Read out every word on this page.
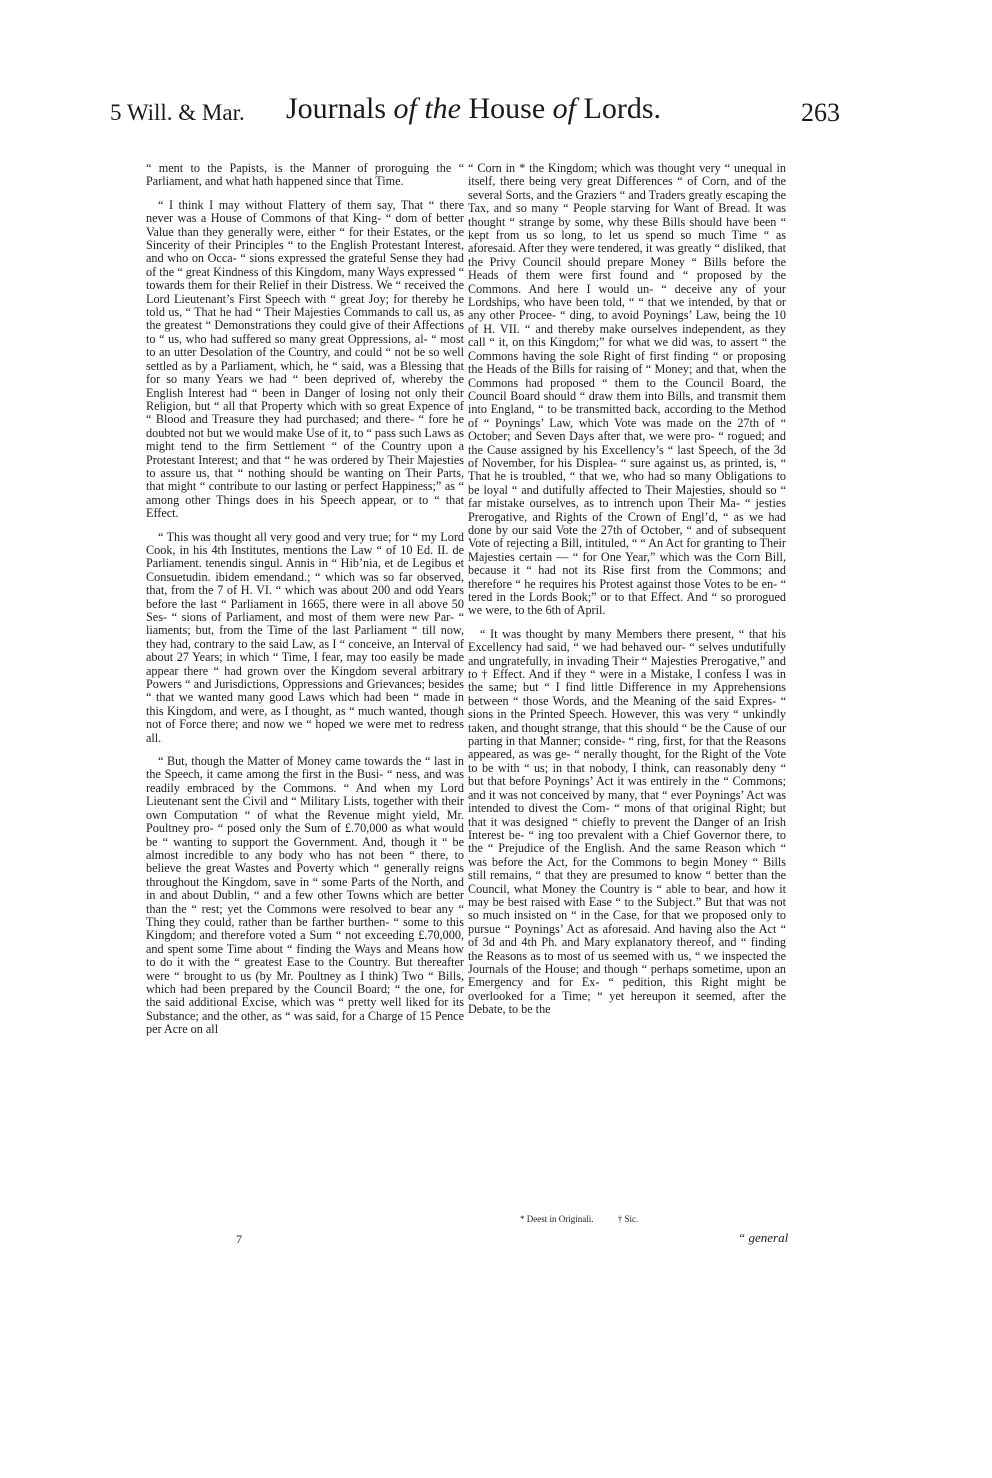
5 Will. & Mar. Journals of the House of Lords.	263

“ ment to the Papists, is the Manner of proroguing the “ Parliament, and what hath happened since that Time.

“ I think I may without Flattery of them say, That “ there never was a House of Commons of that King- “ dom of better Value than they generally were, either “ for their Estates, or the Sincerity of their Principles “ to the English Protestant Interest, and who on Occa- “ sions expressed the grateful Sense they had of the “ great Kindness of this Kingdom, many Ways expressed “ towards them for their Relief in their Distress. We “ received the Lord Lieutenant’s First Speech with “ great Joy; for thereby he told us, “ That he had “ Their Majesties Commands to call us, as the greatest “ Demonstrations they could give of their Affections to “ us, who had suffered so many great Oppressions, al- “ most to an utter Desolation of the Country, and could “ not be so well settled as by a Parliament, which, he “ said, was a Blessing that for so many Years we had “ been deprived of, whereby the English Interest had “ been in Danger of losing not only their Religion, but “ all that Property which with so great Expence of “ Blood and Treasure they had purchased; and there- “ fore he doubted not but we would make Use of it, to “ pass such Laws as might tend to the firm Settlement “ of the Country upon a Protestant Interest; and that “ he was ordered by Their Majesties to assure us, that “ nothing should be wanting on Their Parts, that might “ contribute to our lasting or perfect Happiness;” as “ among other Things does in his Speech appear, or to “ that Effect.

“ This was thought all very good and very true; for “ my Lord Cook, in his 4th Institutes, mentions the Law “ of 10 Ed. II. de Parliament. tenendis singul. Annis in “ Hib’nia, et de Legibus et Consuetudin. ibidem emendand.; “ which was so far observed, that, from the 7 of H. VI. “ which was about 200 and odd Years before the last “ Parliament in 1665, there were in all above 50 Ses- “ sions of Parliament, and most of them were new Par- “ liaments; but, from the Time of the last Parliament “ till now, they had, contrary to the said Law, as I “ conceive, an Interval of about 27 Years; in which “ Time, I fear, may too easily be made appear there “ had grown over the Kingdom several arbitrary Powers “ and Jurisdictions, Oppressions and Grievances; besides “ that we wanted many good Laws which had been “ made in this Kingdom, and were, as I thought, as “ much wanted, though not of Force there; and now we “ hoped we were met to redress all.

“ But, though the Matter of Money came towards the “ last in the Speech, it came among the first in the Busi- “ ness, and was readily embraced by the Commons. “ And when my Lord Lieutenant sent the Civil and “ Military Lists, together with their own Computation “ of what the Revenue might yield, Mr. Poultney pro- “ posed only the Sum of £.70,000 as what would be “ wanting to support the Government. And, though it “ be almost incredible to any body who has not been “ there, to believe the great Wastes and Poverty which “ generally reigns throughout the Kingdom, save in “ some Parts of the North, and in and about Dublin, “ and a few other Towns which are better than the “ rest; yet the Commons were resolved to bear any “ Thing they could, rather than be farther burthen- “ some to this Kingdom; and therefore voted a Sum “ not exceeding £.70,000, and spent some Time about “ finding the Ways and Means how to do it with the “ greatest Ease to the Country. But thereafter were “ brought to us (by Mr. Poultney as I think) Two “ Bills, which had been prepared by the Council Board; “ the one, for the said additional Excise, which was “ pretty well liked for its Substance; and the other, as “ was said, for a Charge of 15 Pence per Acre on all

“ Corn in * the Kingdom; which was thought very “ unequal in itself, there being very great Differences “ of Corn, and of the several Sorts, and the Graziers “ and Traders greatly escaping the Tax, and so many “ People starving for Want of Bread. It was thought “ strange by some, why these Bills should have been “ kept from us so long, to let us spend so much Time “ as aforesaid. After they were tendered, it was greatly “ disliked, that the Privy Council should prepare Money “ Bills before the Heads of them were first found and “ proposed by the Commons. And here I would un- “ deceive any of your Lordships, who have been told, “ “ that we intended, by that or any other Procee- “ ding, to avoid Poynings’ Law, being the 10 of H. VII. “ and thereby make ourselves independent, as they call “ it, on this Kingdom;” for what we did was, to assert “ the Commons having the sole Right of first finding “ or proposing the Heads of the Bills for raising of “ Money; and that, when the Commons had proposed “ them to the Council Board, the Council Board should “ draw them into Bills, and transmit them into England, “ to be transmitted back, according to the Method of “ Poynings’ Law, which Vote was made on the 27th of “ October; and Seven Days after that, we were pro- “ rogued; and the Cause assigned by his Excellency’s “ last Speech, of the 3d of November, for his Displea- “ sure against us, as printed, is, “ That he is troubled, “ that we, who had so many Obligations to be loyal “ and dutifully affected to Their Majesties, should so “ far mistake ourselves, as to intrench upon Their Ma- “ jesties Prerogative, and Rights of the Crown of Engl’d, “ as we had done by our said Vote the 27th of October, “ and of subsequent Vote of rejecting a Bill, intituled, “ “ An Act for granting to Their Majesties certain — “ for One Year,” which was the Corn Bill, because it “ had not its Rise first from the Commons; and therefore “ he requires his Protest against those Votes to be en- “ tered in the Lords Book;” or to that Effect. And “ so prorogued we were, to the 6th of April.

“ It was thought by many Members there present, “ that his Excellency had said, “ we had behaved our- “ selves undutifully and ungratefully, in invading Their “ Majesties Prerogative,” and to † Effect. And if they “ were in a Mistake, I confess I was in the same; but “ I find little Difference in my Apprehensions between “ those Words, and the Meaning of the said Expres- “ sions in the Printed Speech. However, this was very “ unkindly taken, and thought strange, that this should “ be the Cause of our parting in that Manner; conside- “ ring, first, for that the Reasons appeared, as was ge- “ nerally thought, for the Right of the Vote to be with “ us; in that nobody, I think, can reasonably deny “ but that before Poynings’ Act it was entirely in the “ Commons; and it was not conceived by many, that “ ever Poynings’ Act was intended to divest the Com- “ mons of that original Right; but that it was designed “ chiefly to prevent the Danger of an Irish Interest be- “ ing too prevalent with a Chief Governor there, to the “ Prejudice of the English. And the same Reason which “ was before the Act, for the Commons to begin Money “ Bills still remains, “ that they are presumed to know “ better than the Council, what Money the Country is “ able to bear, and how it may be best raised with Ease “ to the Subject.” But that was not so much insisted on “ in the Case, for that we proposed only to pursue “ Poynings’ Act as aforesaid. And having also the Act “ of 3d and 4th Ph. and Mary explanatory thereof, and “ finding the Reasons as to most of us seemed with us, “ we inspected the Journals of the House; and though “ perhaps sometime, upon an Emergency and for Ex- “ pedition, this Right might be overlooked for a Time; “ yet hereupon it seemed, after the Debate, to be the

* Deest in Originali.	† Sic.
7	“ general
